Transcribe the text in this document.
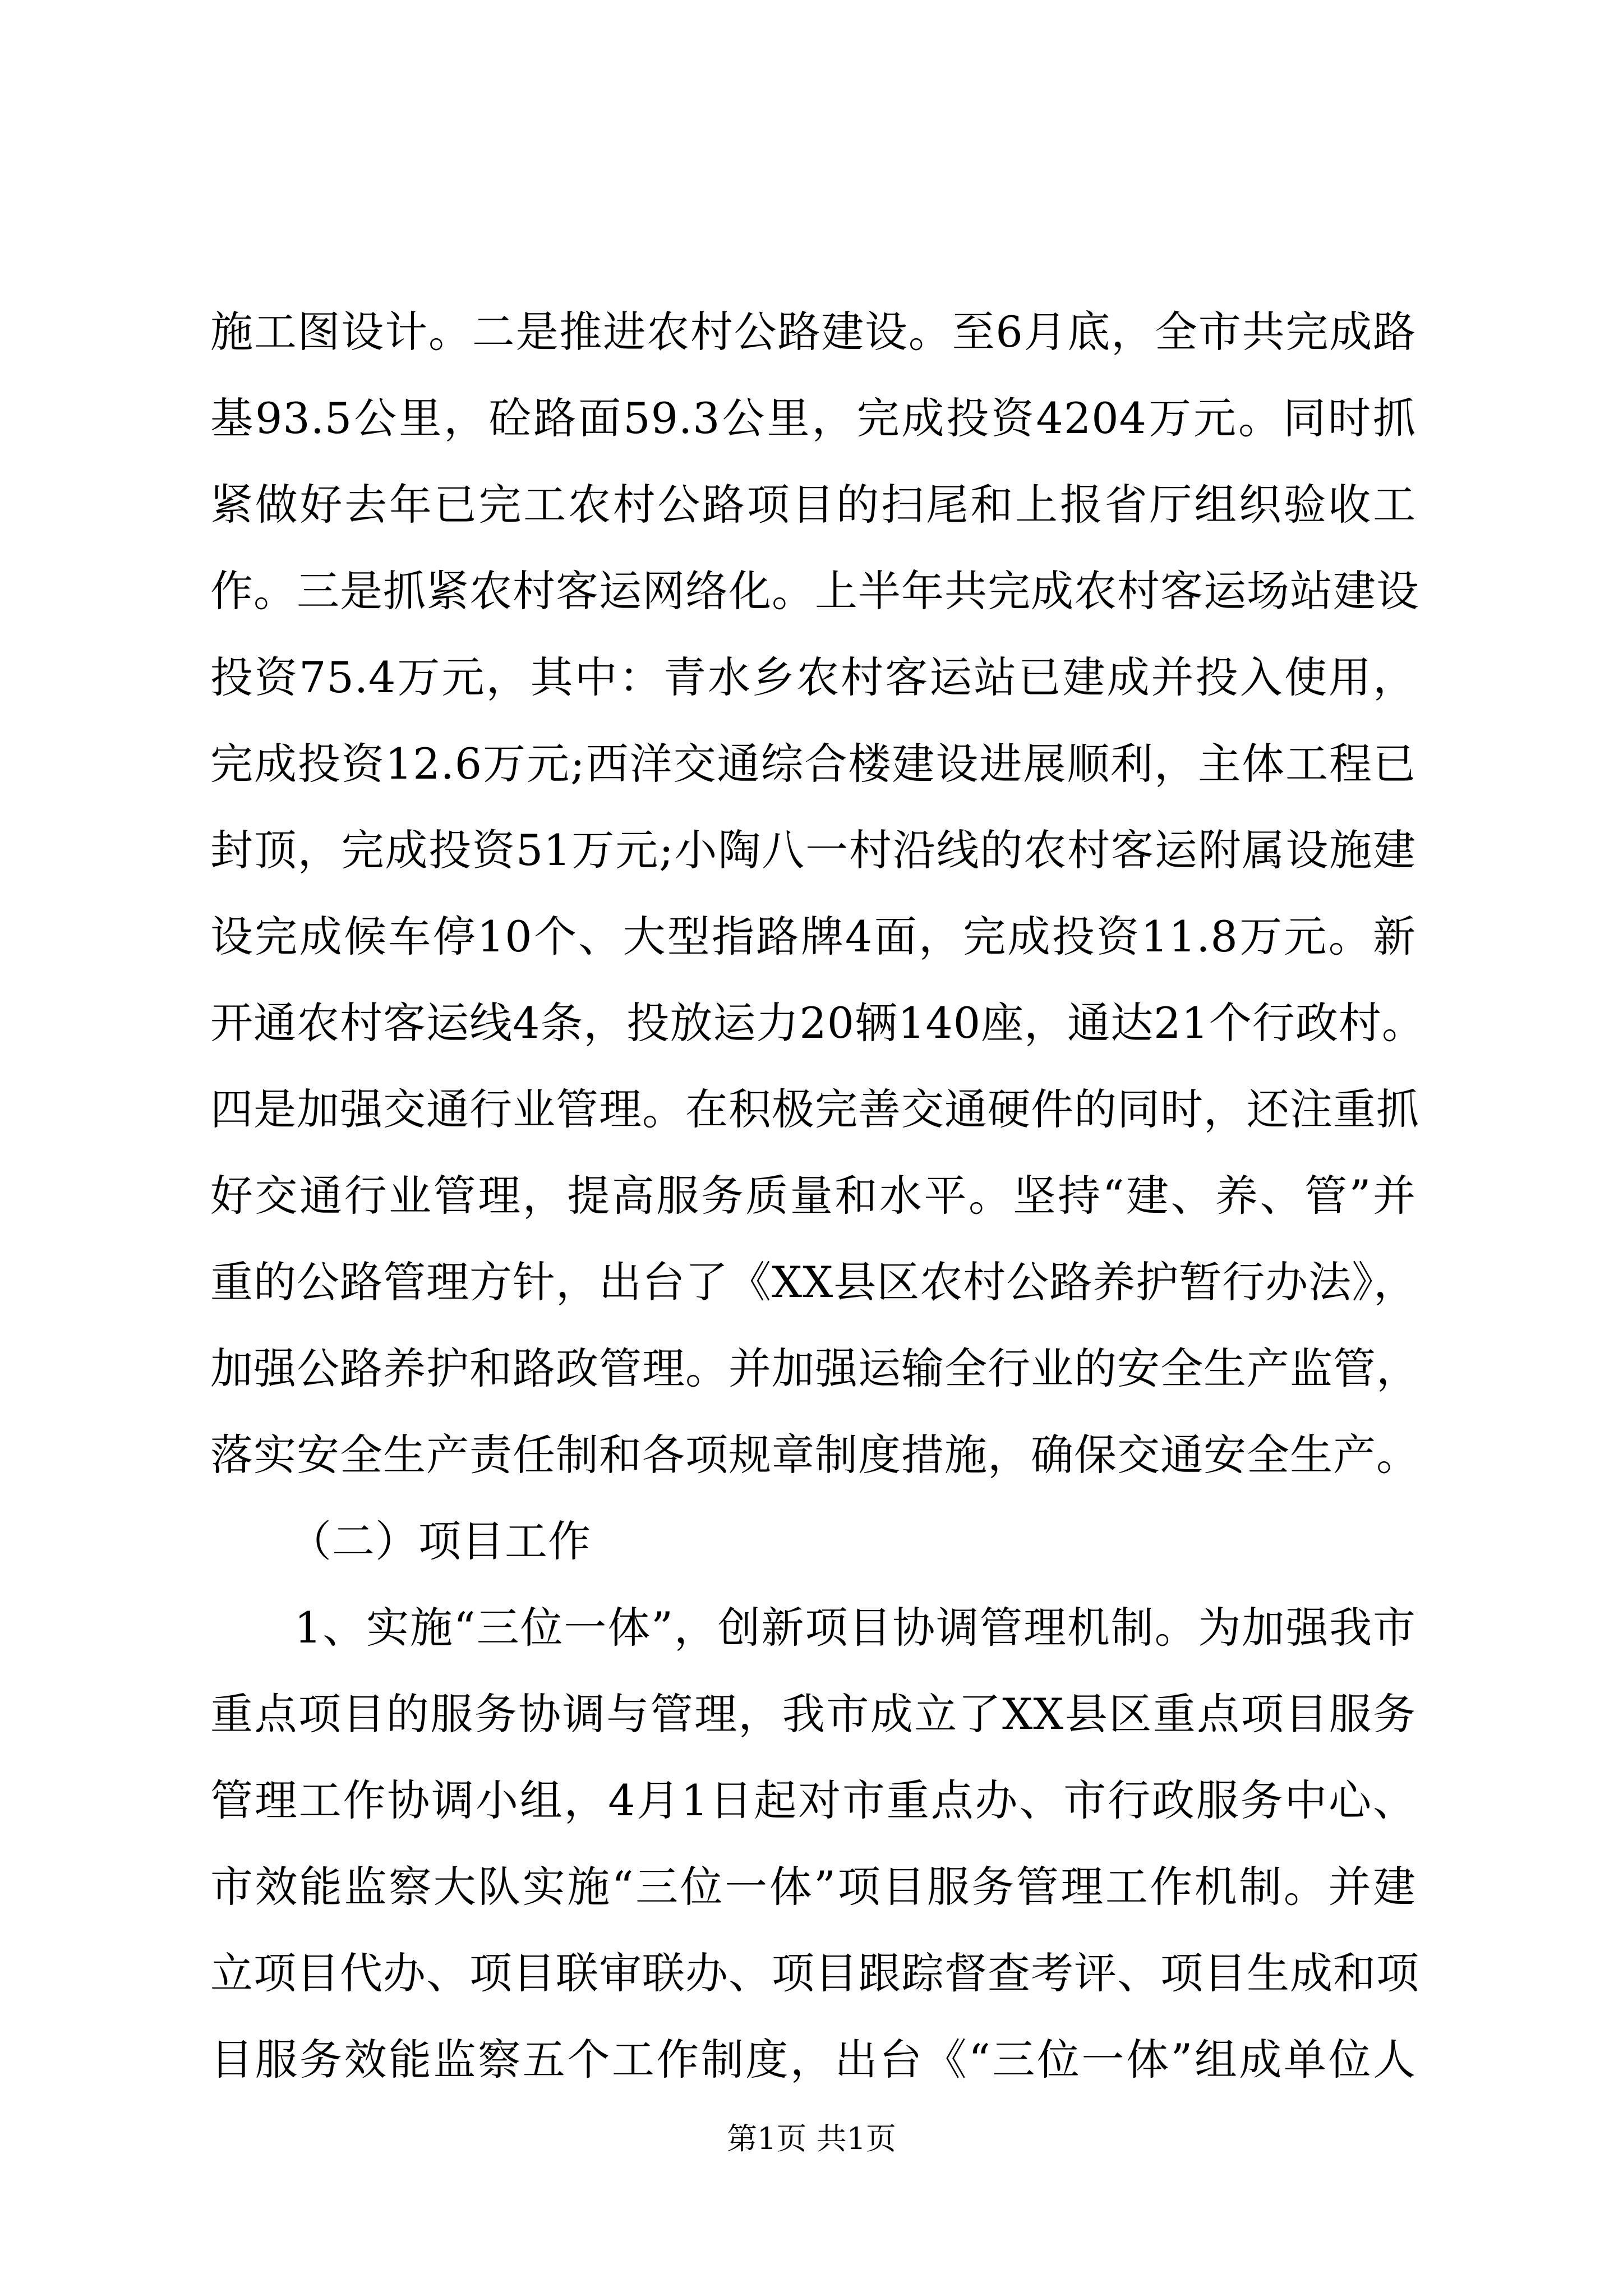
施工图设计。二是推进农村公路建设。至6月底，全市共完成路
基93.5公里，砼路面59.3公里，完成投资4204万元。同时抓
紧做好去年已完工农村公路项目的扫尾和上报省厅组织验收工
作。三是抓紧农村客运网络化。上半年共完成农村客运场站建设
投资75.4万元，其中：青水乡农村客运站已建成并投入使用，
完成投资12.6万元;西洋交通综合楼建设进展顺利，主体工程已
封顶，完成投资51万元;小陶八一村沿线的农村客运附属设施建
设完成候车停10个、大型指路牌4面，完成投资11.8万元。新
开通农村客运线4条，投放运力20辆140座，通达21个行政村。
四是加强交通行业管理。在积极完善交通硬件的同时，还注重抓
好交通行业管理，提高服务质量和水平。坚持“建、养、管”并
重的公路管理方针，出台了《XX县区农村公路养护暂行办法》，
加强公路养护和路政管理。并加强运输全行业的安全生产监管，
落实安全生产责任制和各项规章制度措施，确保交通安全生产。
（二）项目工作
1、实施“三位一体”，创新项目协调管理机制。为加强我市
重点项目的服务协调与管理，我市成立了XX县区重点项目服务
管理工作协调小组，4月1日起对市重点办、市行政服务中心、
市效能监察大队实施“三位一体”项目服务管理工作机制。并建
立项目代办、项目联审联办、项目跟踪督查考评、项目生成和项
目服务效能监察五个工作制度，出台《“三位一体”组成单位人
第1页 共1页
